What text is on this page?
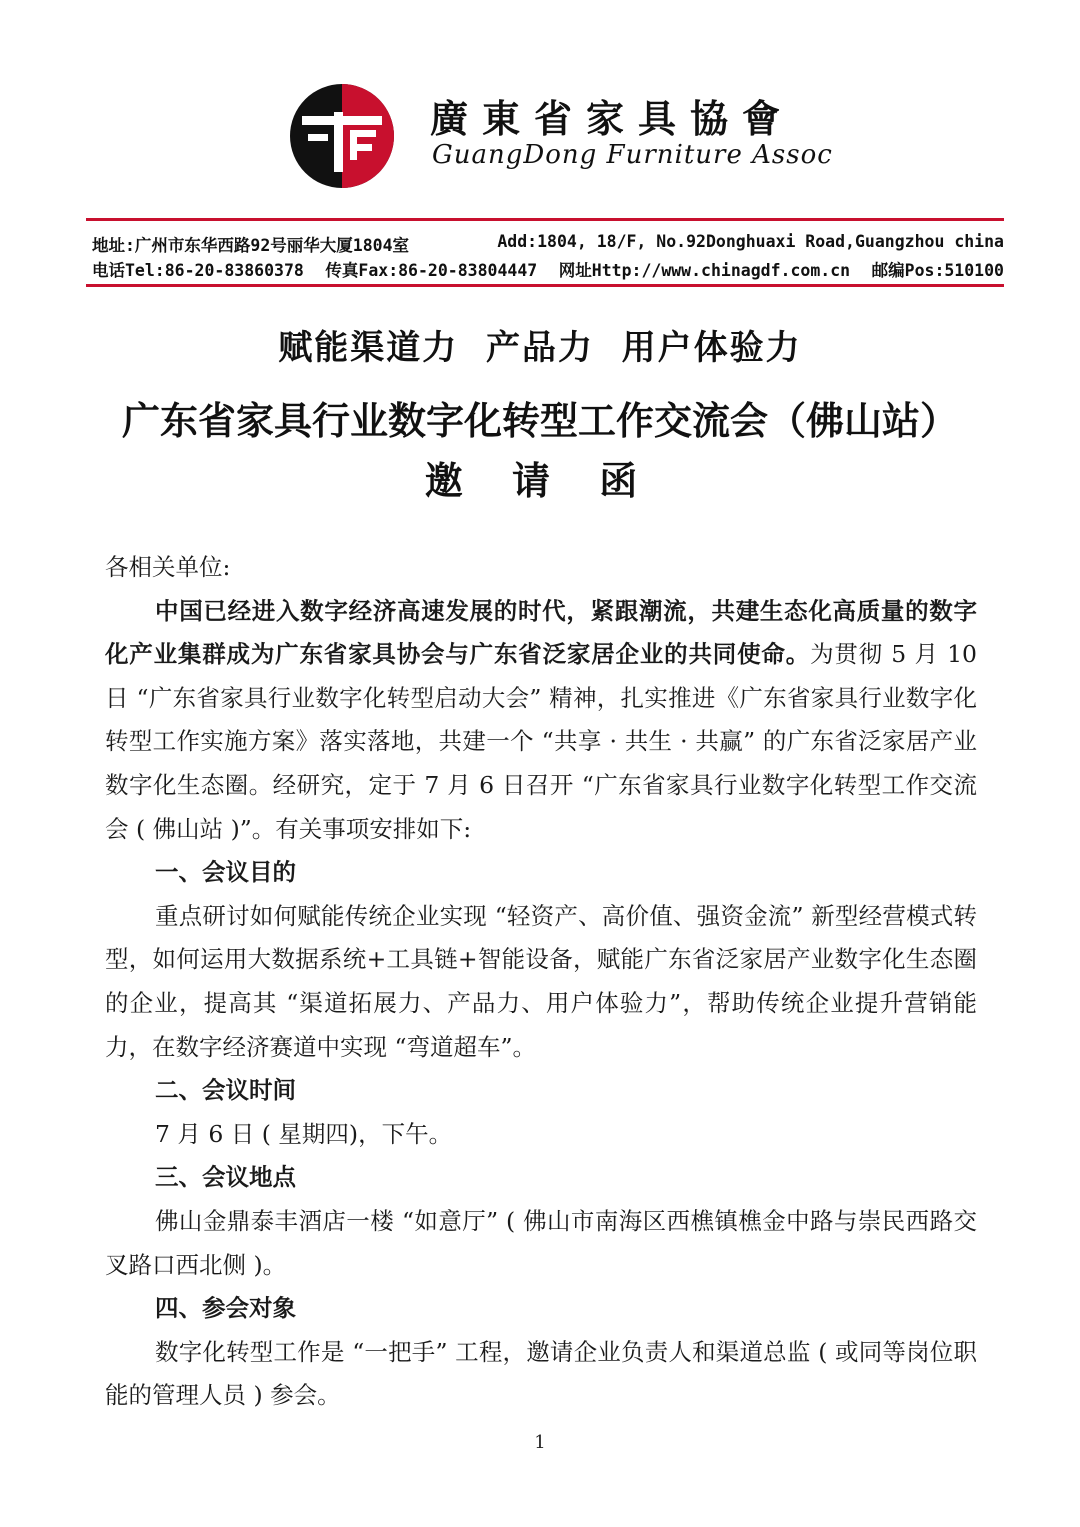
廣東省家具協會
GuangDong Furniture Assoc
地址:广州市东华西路92号丽华大厦1804室	Add:1804, 18/F, No.92Donghuaxi Road,Guangzhou china
电话Tel:86-20-83860378 传真Fax:86-20-83804447 网址Http://www.chinagdf.com.cn 邮编Pos:510100
赋能渠道力  产品力  用户体验力
广东省家具行业数字化转型工作交流会（佛山站）
邀 请 函

各相关单位:

中国已经进入数字经济高速发展的时代，紧跟潮流，共建生态化高质量的数字化产业集群成为广东省家具协会与广东省泛家居企业的共同使命。为贯彻 5 月 10 日 “广东省家具行业数字化转型启动大会” 精神，扎实推进《广东省家具行业数字化转型工作实施方案》落实落地，共建一个 “共享 · 共生 · 共赢” 的广东省泛家居产业数字化生态圈。经研究，定于 7 月 6 日召开 “广东省家具行业数字化转型工作交流会 ( 佛山站 )”。有关事项安排如下:

一、会议目的

重点研讨如何赋能传统企业实现 “轻资产、高价值、强资金流” 新型经营模式转型，如何运用大数据系统+工具链+智能设备，赋能广东省泛家居产业数字化生态圈的企业，提高其 “渠道拓展力、产品力、用户体验力”，帮助传统企业提升营销能力，在数字经济赛道中实现 “弯道超车”。

二、会议时间

7 月 6 日 ( 星期四)，下午。

三、会议地点

佛山金鼎泰丰酒店一楼 “如意厅” ( 佛山市南海区西樵镇樵金中路与崇民西路交叉路口西北侧 )。

四、参会对象

数字化转型工作是 “一把手” 工程，邀请企业负责人和渠道总监 ( 或同等岗位职能的管理人员 ) 参会。

1
